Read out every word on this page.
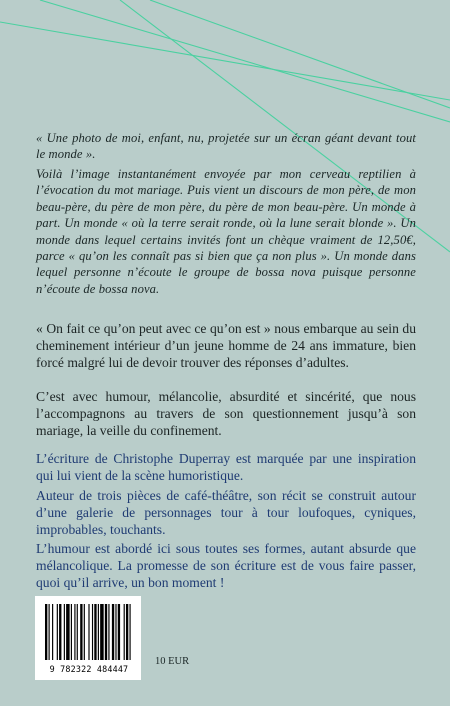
« Une photo de moi, enfant, nu, projetée sur un écran géant devant tout le monde ».

Voilà l’image instantanément envoyée par mon cerveau reptilien à l’évocation du mot mariage. Puis vient un discours de mon père, de mon beau-père, du père de mon père, du père de mon beau-père. Un monde à part. Un monde « où la terre serait ronde, où la lune serait blonde ». Un monde dans lequel certains invités font un chèque vraiment de 12,50€, parce « qu’on les connaît pas si bien que ça non plus ». Un monde dans lequel personne n’écoute le groupe de bossa nova puisque personne n’écoute de bossa nova.

« On fait ce qu’on peut avec ce qu’on est » nous embarque au sein du cheminement intérieur d’un jeune homme de 24 ans immature, bien forcé malgré lui de devoir trouver des réponses d’adultes.

C’est avec humour, mélancolie, absurdité et sincérité, que nous l’accompagnons au travers de son questionnement jusqu’à son mariage, la veille du confinement.

L’écriture de Christophe Duperray est marquée par une inspiration qui lui vient de la scène humoristique.

Auteur de trois pièces de café-théâtre, son récit se construit autour d’une galerie de personnages tour à tour loufoques, cyniques, improbables, touchants.

L’humour est abordé ici sous toutes ses formes, autant absurde que mélancolique. La promesse de son écriture est de vous faire passer, quoi qu’il arrive, un bon moment !

9 782322 484447
10 EUR
